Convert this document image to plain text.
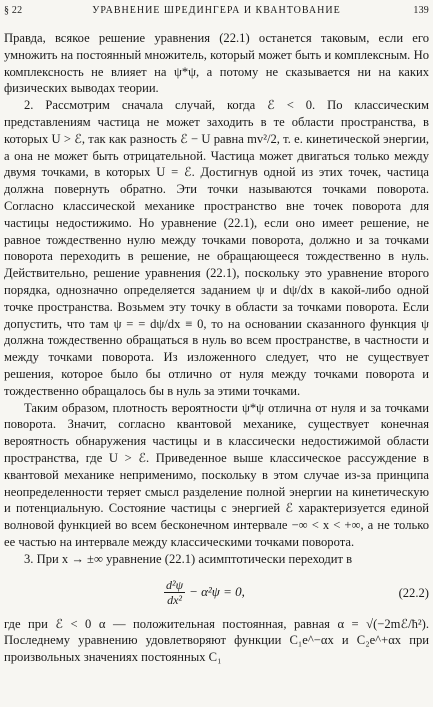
§ 22	УРАВНЕНИЕ ШРЕДИНГЕРА И КВАНТОВАНИЕ	139

Правда, всякое решение уравнения (22.1) останется таковым, если его умножить на постоянный множитель, который может быть и комплексным. Но комплексность не влияет на ψ*ψ, а потому не сказывается ни на каких физических выводах теории.

2. Рассмотрим сначала случай, когда ℰ < 0. По классическим представлениям частица не может заходить в те области пространства, в которых U > ℰ, так как разность ℰ − U равна mv²/2, т. е. кинетической энергии, а она не может быть отрицательной. Частица может двигаться только между двумя точками, в которых U = ℰ. Достигнув одной из этих точек, частица должна повернуть обратно. Эти точки называются точками поворота. Согласно классической механике пространство вне точек поворота для частицы недостижимо. Но уравнение (22.1), если оно имеет решение, не равное тождественно нулю между точками поворота, должно и за точками поворота переходить в решение, не обращающееся тождественно в нуль. Действительно, решение уравнения (22.1), поскольку это уравнение второго порядка, однозначно определяется заданием ψ и dψ/dx в какой-либо одной точке пространства. Возьмем эту точку в области за точками поворота. Если допустить, что там ψ = = dψ/dx ≡ 0, то на основании сказанного функция ψ должна тождественно обращаться в нуль во всем пространстве, в частности и между точками поворота. Из изложенного следует, что не существует решения, которое было бы отлично от нуля между точками поворота и тождественно обращалось бы в нуль за этими точками.

Таким образом, плотность вероятности ψ*ψ отлична от нуля и за точками поворота. Значит, согласно квантовой механике, существует конечная вероятность обнаружения частицы и в классически недостижимой области пространства, где U > ℰ. Приведенное выше классическое рассуждение в квантовой механике неприменимо, поскольку в этом случае из-за принципа неопределенности теряет смысл разделение полной энергии на кинетическую и потенциальную. Состояние частицы с энергией ℰ характеризуется единой волновой функцией во всем бесконечном интервале −∞ < x < +∞, а не только ее частью на интервале между классическими точками поворота.

3. При x → ±∞ уравнение (22.1) асимптотически переходит в

$\frac{\text{d²ψ}}{\text{dx²}} - \alpha^2\psi = 0$,	(22.2)

где при ℰ < 0 α — положительная постоянная, равная α = √(−2mℰ/ħ²). Последнему уравнению удовлетворяют функции C₁e^−αx и C₂e^+αx при произвольных значениях постоянных C₁
